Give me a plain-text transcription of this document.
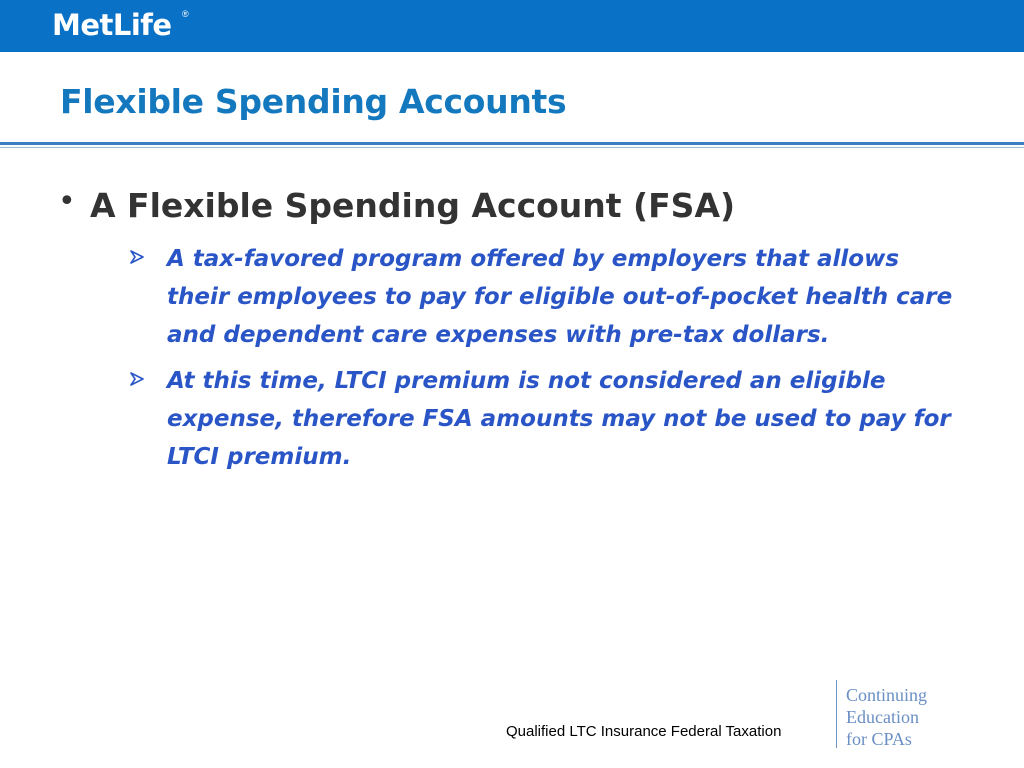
MetLife ®
Flexible Spending Accounts
• A Flexible Spending Account (FSA)

A tax-favored program offered by employers that allows their employees to pay for eligible out-of-pocket health care and dependent care expenses with pre-tax dollars.

At this time, LTCI premium is not considered an eligible expense, therefore FSA amounts may not be used to pay for LTCI premium.

Qualified LTC Insurance Federal Taxation
Continuing
Education
for CPAs
